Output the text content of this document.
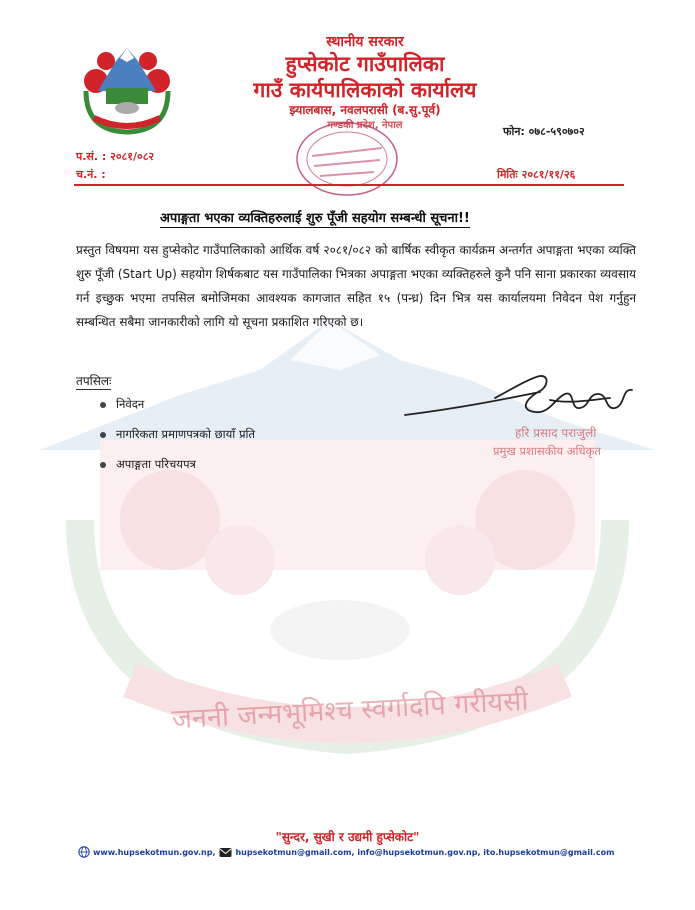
जननी जन्मभूमिश्च स्वर्गादपि गरीयसी
स्थानीय सरकार
हुप्सेकोट गाउँपालिका
गाउँ कार्यपालिकाको कार्यालय
झ्यालबास, नवलपरासी (ब.सु.पूर्व)
गण्डकी प्रदेश, नेपाल	फोन: ०७८-५९०७०२
प.सं. : २०८१/०८२
च.नं. :	मितिः २०८१/११/२६
अपाङ्गता भएका व्यक्तिहरुलाई शुरु पूँजी सहयोग सम्बन्धी सूचना!!
प्रस्तुत विषयमा यस हुप्सेकोट गाउँपालिकाको आर्थिक वर्ष २०८१/०८२ को बार्षिक स्वीकृत कार्यक्रम अन्तर्गत अपाङ्गता भएका व्यक्ति शुरु पूँजी (Start Up) सहयोग शिर्षकबाट यस गाउँपालिका भित्रका अपाङ्गता भएका व्यक्तिहरुले कुनै पनि साना प्रकारका व्यवसाय गर्न इच्छुक भएमा तपसिल बमोजिमका आवश्यक कागजात सहित १५ (पन्ध्र) दिन भित्र यस कार्यालयमा निवेदन पेश गर्नुहुन सम्बन्धित सबैमा जानकारीको लागि यो सूचना प्रकाशित गरिएको छ।
तपसिलः
निवेदन
नागरिकता प्रमाणपत्रको छायाँ प्रति
अपाङ्गता परिचयपत्र
हरि प्रसाद पराजुली
प्रमुख प्रशासकीय अधिकृत
"सुन्दर, सुखी र उद्यमी हुप्सेकोट"
www.hupsekotmun.gov.np,	hupsekotmun@gmail.com, info@hupsekotmun.gov.np, ito.hupsekotmun@gmail.com
